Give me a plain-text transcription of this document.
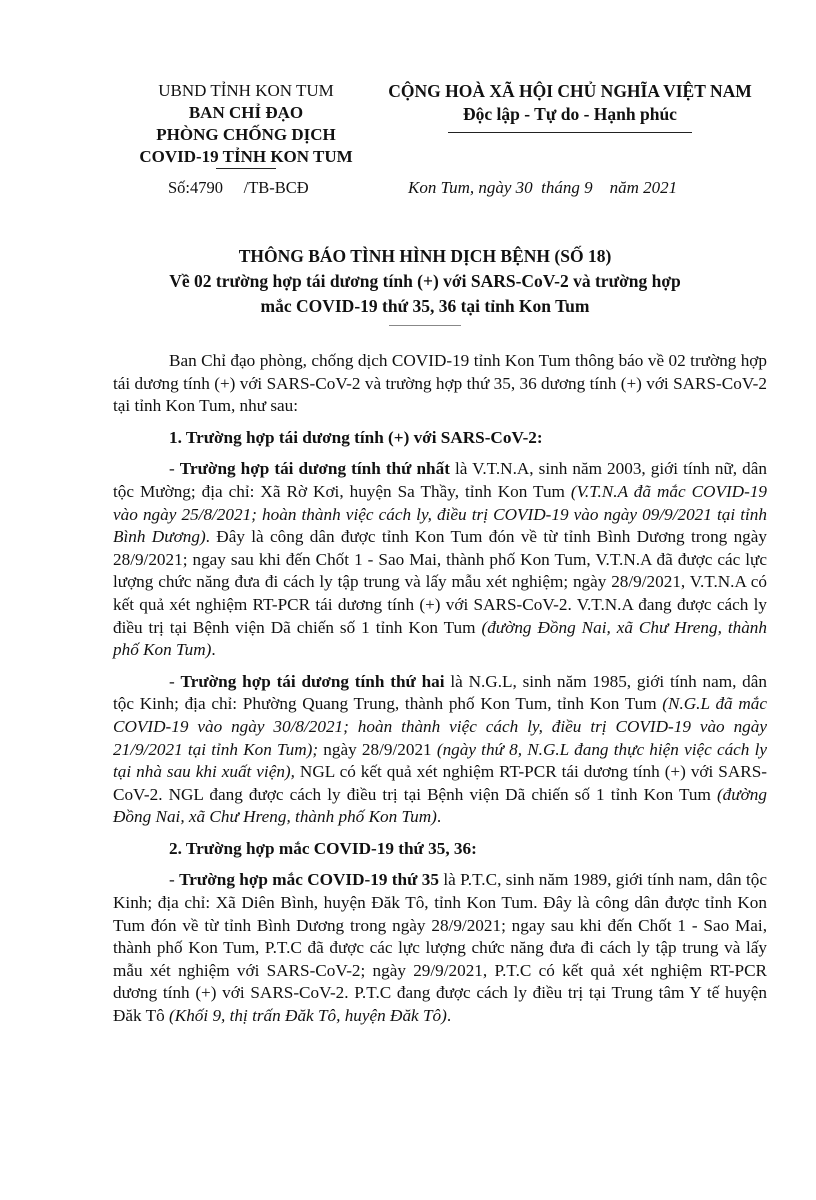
UBND TỈNH KON TUM
BAN CHỈ ĐẠO
PHÒNG CHỐNG DỊCH
COVID-19 TỈNH KON TUM
CỘNG HOÀ XÃ HỘI CHỦ NGHĨA VIỆT NAM
Độc lập - Tự do - Hạnh phúc
Số:4790     /TB-BCĐ	Kon Tum, ngày 30  tháng 9    năm 2021
THÔNG BÁO TÌNH HÌNH DỊCH BỆNH (SỐ 18)
Về 02 trường hợp tái dương tính (+) với SARS-CoV-2 và trường hợp
mắc COVID-19 thứ 35, 36 tại tỉnh Kon Tum

Ban Chỉ đạo phòng, chống dịch COVID-19 tỉnh Kon Tum thông báo về 02 trường hợp tái dương tính (+) với SARS-CoV-2 và trường hợp thứ 35, 36 dương tính (+) với SARS-CoV-2 tại tỉnh Kon Tum, như sau:

1. Trường hợp tái dương tính (+) với SARS-CoV-2:

- Trường hợp tái dương tính thứ nhất là V.T.N.A, sinh năm 2003, giới tính nữ, dân tộc Mường; địa chỉ: Xã Rờ Kơi, huyện Sa Thầy, tỉnh Kon Tum (V.T.N.A đã mắc COVID-19 vào ngày 25/8/2021; hoàn thành việc cách ly, điều trị COVID-19 vào ngày 09/9/2021 tại tỉnh Bình Dương). Đây là công dân được tỉnh Kon Tum đón về từ tỉnh Bình Dương trong ngày 28/9/2021; ngay sau khi đến Chốt 1 - Sao Mai, thành phố Kon Tum, V.T.N.A đã được các lực lượng chức năng đưa đi cách ly tập trung và lấy mẫu xét nghiệm; ngày 28/9/2021, V.T.N.A có kết quả xét nghiệm RT-PCR tái dương tính (+) với SARS-CoV-2. V.T.N.A đang được cách ly điều trị tại Bệnh viện Dã chiến số 1 tỉnh Kon Tum (đường Đồng Nai, xã Chư Hreng, thành phố Kon Tum).

- Trường hợp tái dương tính thứ hai là N.G.L, sinh năm 1985, giới tính nam, dân tộc Kinh; địa chỉ: Phường Quang Trung, thành phố Kon Tum, tỉnh Kon Tum (N.G.L đã mắc COVID-19 vào ngày 30/8/2021; hoàn thành việc cách ly, điều trị COVID-19 vào ngày 21/9/2021 tại tỉnh Kon Tum); ngày 28/9/2021 (ngày thứ 8, N.G.L đang thực hiện việc cách ly tại nhà sau khi xuất viện), NGL có kết quả xét nghiệm RT-PCR tái dương tính (+) với SARS-CoV-2. NGL đang được cách ly điều trị tại Bệnh viện Dã chiến số 1 tỉnh Kon Tum (đường Đồng Nai, xã Chư Hreng, thành phố Kon Tum).

2. Trường hợp mắc COVID-19 thứ 35, 36:

- Trường hợp mắc COVID-19 thứ 35 là P.T.C, sinh năm 1989, giới tính nam, dân tộc Kinh; địa chỉ: Xã Diên Bình, huyện Đăk Tô, tỉnh Kon Tum. Đây là công dân được tỉnh Kon Tum đón về từ tỉnh Bình Dương trong ngày 28/9/2021; ngay sau khi đến Chốt 1 - Sao Mai, thành phố Kon Tum, P.T.C đã được các lực lượng chức năng đưa đi cách ly tập trung và lấy mẫu xét nghiệm với SARS-CoV-2; ngày 29/9/2021, P.T.C có kết quả xét nghiệm RT-PCR dương tính (+) với SARS-CoV-2. P.T.C đang được cách ly điều trị tại Trung tâm Y tế huyện Đăk Tô (Khối 9, thị trấn Đăk Tô, huyện Đăk Tô).
